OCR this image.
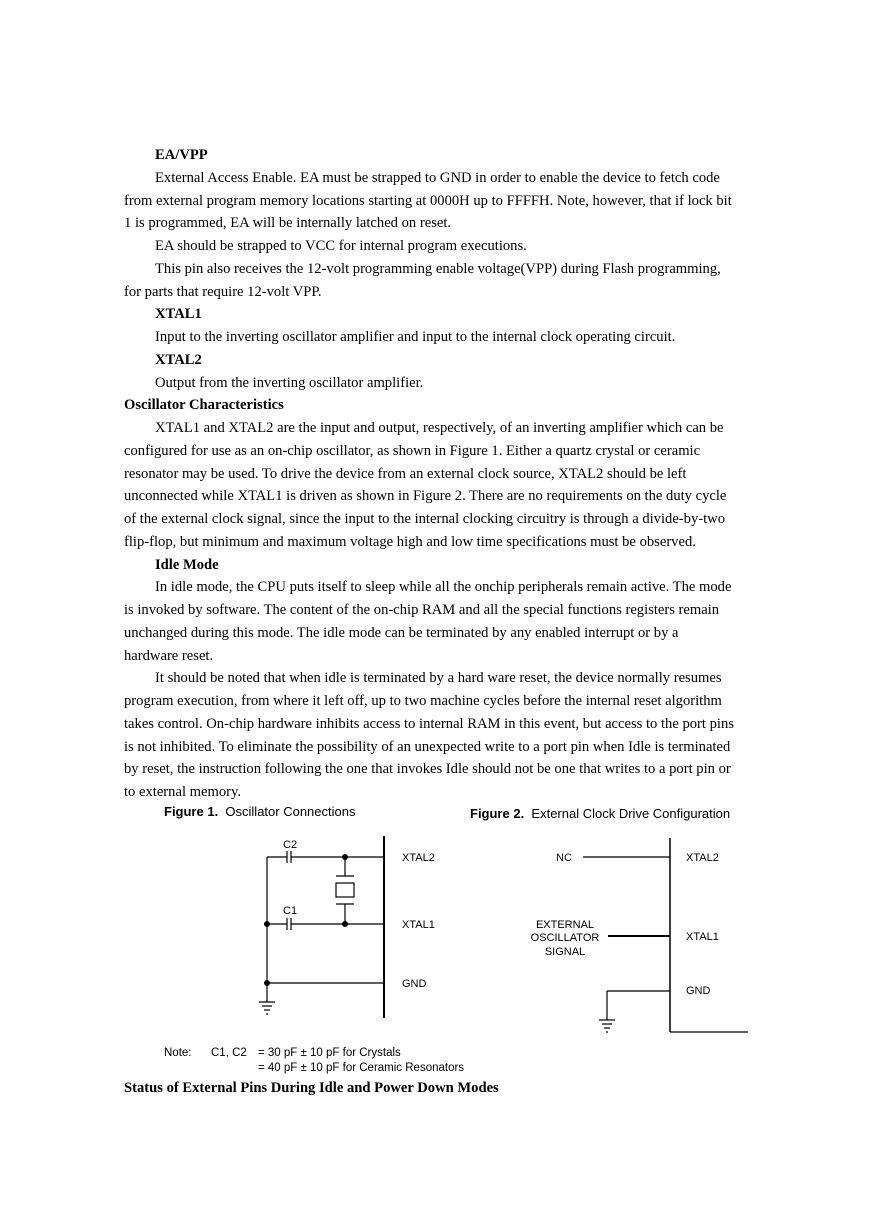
EA/VPP
External Access Enable. EA must be strapped to GND in order to enable the device to fetch code
from external program memory locations starting at 0000H up to FFFFH. Note, however, that if lock bit
1 is programmed, EA will be internally latched on reset.
EA should be strapped to VCC for internal program executions.
This pin also receives the 12-volt programming enable voltage(VPP) during Flash programming,
for parts that require 12-volt VPP.
XTAL1
Input to the inverting oscillator amplifier and input to the internal clock operating circuit.
XTAL2
Output from the inverting oscillator amplifier.
Oscillator Characteristics
XTAL1 and XTAL2 are the input and output, respectively, of an inverting amplifier which can be
configured for use as an on-chip oscillator, as shown in Figure 1. Either a quartz crystal or ceramic
resonator may be used. To drive the device from an external clock source, XTAL2 should be left
unconnected while XTAL1 is driven as shown in Figure 2. There are no requirements on the duty cycle
of the external clock signal, since the input to the internal clocking circuitry is through a divide-by-two
flip-flop, but minimum and maximum voltage high and low time specifications must be observed.
Idle Mode
In idle mode, the CPU puts itself to sleep while all the onchip peripherals remain active. The mode
is invoked by software. The content of the on-chip RAM and all the special functions registers remain
unchanged during this mode. The idle mode can be terminated by any enabled interrupt or by a
hardware reset.
It should be noted that when idle is terminated by a hard ware reset, the device normally resumes
program execution, from where it left off, up to two machine cycles before the internal reset algorithm
takes control. On-chip hardware inhibits access to internal RAM in this event, but access to the port pins
is not inhibited. To eliminate the possibility of an unexpected write to a port pin when Idle is terminated
by reset, the instruction following the one that invokes Idle should not be one that writes to a port pin or
to external memory.
Figure 1. Oscillator Connections	Figure 2. External Clock Drive Configuration
C2
C1
XTAL2
XTAL1
GND
NC
EXTERNAL
OSCILLATOR
SIGNAL
XTAL2
XTAL1
GND
Note: C1, C2 = 30 pF ± 10 pF for Crystals
= 40 pF ± 10 pF for Ceramic Resonators
Status of External Pins During Idle and Power Down Modes
